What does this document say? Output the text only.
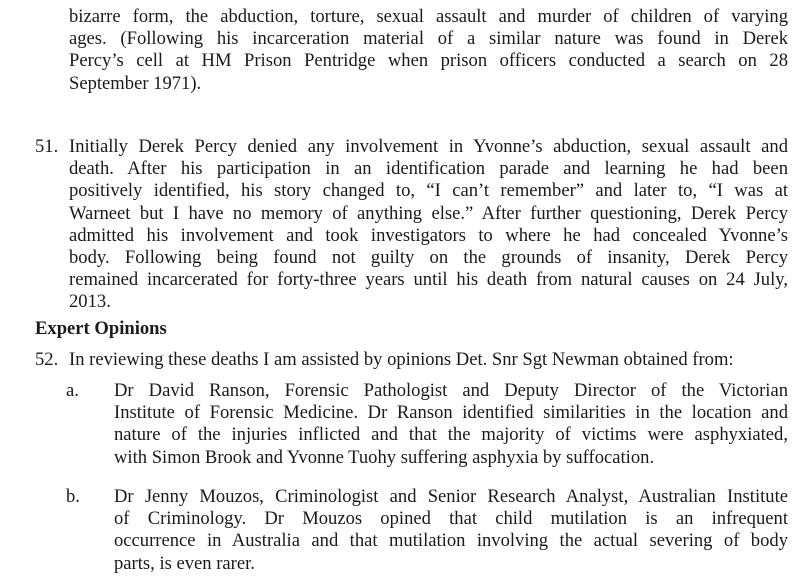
bizarre form, the abduction, torture, sexual assault and murder of children of varying
ages. (Following his incarceration material of a similar nature was found in Derek
Percy’s cell at HM Prison Pentridge when prison officers conducted a search on 28
September 1971).
51. Initially Derek Percy denied any involvement in Yvonne’s abduction, sexual assault and
death. After his participation in an identification parade and learning he had been
positively identified, his story changed to, “I can’t remember” and later to, “I was at
Warneet but I have no memory of anything else.” After further questioning, Derek Percy
admitted his involvement and took investigators to where he had concealed Yvonne’s
body. Following being found not guilty on the grounds of insanity, Derek Percy
remained incarcerated for forty-three years until his death from natural causes on 24 July,
2013.
Expert Opinions
52. In reviewing these deaths I am assisted by opinions Det. Snr Sgt Newman obtained from:
a. Dr David Ranson, Forensic Pathologist and Deputy Director of the Victorian
Institute of Forensic Medicine. Dr Ranson identified similarities in the location and
nature of the injuries inflicted and that the majority of victims were asphyxiated,
with Simon Brook and Yvonne Tuohy suffering asphyxia by suffocation.
b. Dr Jenny Mouzos, Criminologist and Senior Research Analyst, Australian Institute
of Criminology. Dr Mouzos opined that child mutilation is an infrequent
occurrence in Australia and that mutilation involving the actual severing of body
parts, is even rarer.
